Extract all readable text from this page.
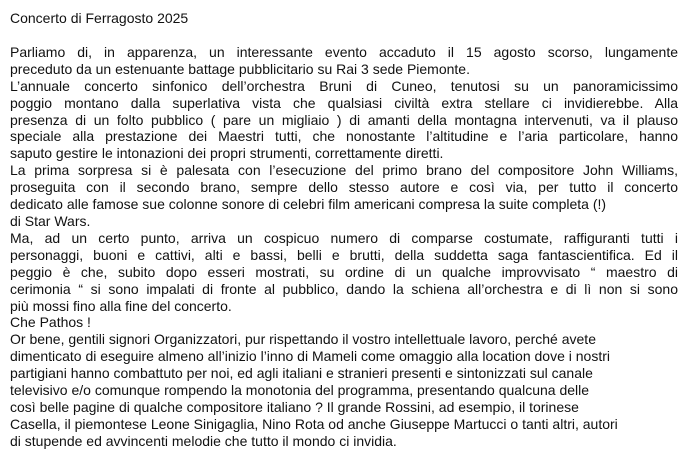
Concerto di Ferragosto 2025
Parliamo di, in apparenza, un interessante evento accaduto il 15 agosto scorso, lungamente
preceduto da un estenuante battage pubblicitario su Rai 3 sede Piemonte.
L’annuale concerto sinfonico dell’orchestra Bruni di Cuneo, tenutosi su un panoramicissimo
poggio montano dalla superlativa vista che qualsiasi civiltà extra stellare ci invidierebbe. Alla
presenza di un folto pubblico ( pare un migliaio ) di amanti della montagna intervenuti, va il plauso
speciale alla prestazione dei Maestri tutti, che nonostante l’altitudine e l’aria particolare, hanno
saputo gestire le intonazioni dei propri strumenti, correttamente diretti.
La prima sorpresa si è palesata con l’esecuzione del primo brano del compositore John Williams,
proseguita con il secondo brano, sempre dello stesso autore e così via, per tutto il concerto
dedicato alle famose sue colonne sonore di celebri film americani compresa la suite completa (!)
di Star Wars.
Ma, ad un certo punto, arriva un cospicuo numero di comparse costumate, raffiguranti tutti i
personaggi, buoni e cattivi, alti e bassi, belli e brutti, della suddetta saga fantascientifica. Ed il
peggio è che, subito dopo esseri mostrati, su ordine di un qualche improvvisato “ maestro di
cerimonia “ si sono impalati di fronte al pubblico, dando la schiena all’orchestra e di lì non si sono
più mossi fino alla fine del concerto.
Che Pathos !
Or bene, gentili signori Organizzatori, pur rispettando il vostro intellettuale lavoro, perché avete
dimenticato di eseguire almeno all’inizio l’inno di Mameli come omaggio alla location dove i nostri
partigiani hanno combattuto per noi, ed agli italiani e stranieri presenti e sintonizzati sul canale
televisivo e/o comunque rompendo la monotonia del programma, presentando qualcuna delle
così belle pagine di qualche compositore italiano ? Il grande Rossini, ad esempio, il torinese
Casella, il piemontese Leone Sinigaglia, Nino Rota od anche Giuseppe Martucci o tanti altri, autori
di stupende ed avvincenti melodie che tutto il mondo ci invidia.
